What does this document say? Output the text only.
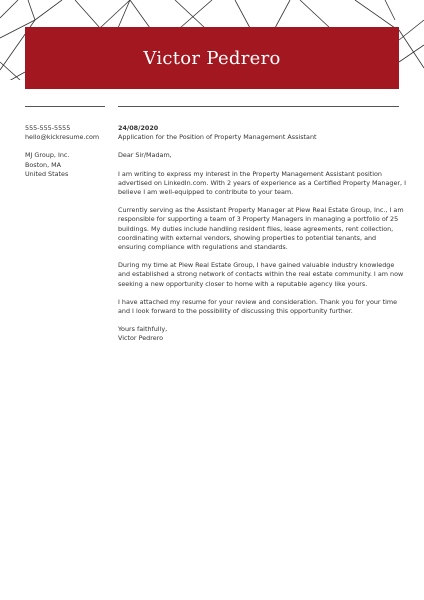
Victor Pedrero
555-555-5555
hello@kickresume.com
MJ Group, Inc.
Boston, MA
United States

24/08/2020
Application for the Position of Property Management Assistant

Dear Sir/Madam,

I am writing to express my interest in the Property Management Assistant position
advertised on LinkedIn.com. With 2 years of experience as a Certified Property Manager, I
believe I am well-equipped to contribute to your team.

Currently serving as the Assistant Property Manager at Piew Real Estate Group, Inc., I am
responsible for supporting a team of 3 Property Managers in managing a portfolio of 25
buildings. My duties include handling resident files, lease agreements, rent collection,
coordinating with external vendors, showing properties to potential tenants, and
ensuring compliance with regulations and standards.

During my time at Piew Real Estate Group, I have gained valuable industry knowledge
and established a strong network of contacts within the real estate community. I am now
seeking a new opportunity closer to home with a reputable agency like yours.

I have attached my resume for your review and consideration. Thank you for your time
and I look forward to the possibility of discussing this opportunity further.

Yours faithfully,
Victor Pedrero
